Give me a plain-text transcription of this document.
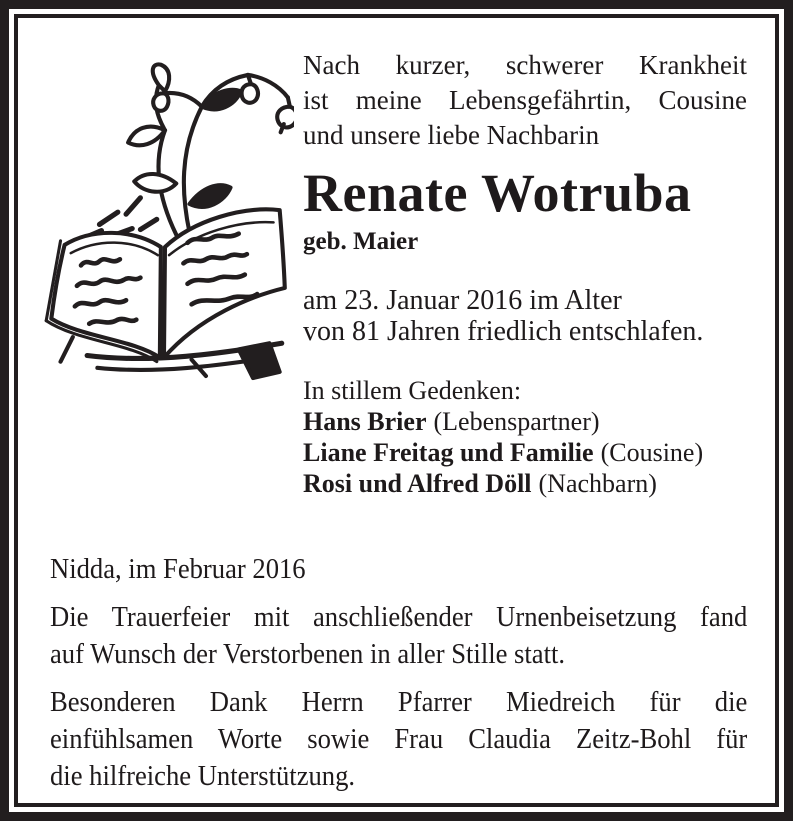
Nach kurzer, schwerer Krankheit
ist meine Lebensgefährtin, Cousine
und unsere liebe Nachbarin
Renate Wotruba
geb. Maier
am 23. Januar 2016 im Alter
von 81 Jahren friedlich entschlafen.
In stillem Gedenken:
Hans Brier (Lebenspartner)
Liane Freitag und Familie (Cousine)
Rosi und Alfred Döll (Nachbarn)
Nidda, im Februar 2016
Die Trauerfeier mit anschließender Urnenbeisetzung fand
auf Wunsch der Verstorbenen in aller Stille statt.
Besonderen Dank Herrn Pfarrer Miedreich für die
einfühlsamen Worte sowie Frau Claudia Zeitz-Bohl für
die hilfreiche Unterstützung.
